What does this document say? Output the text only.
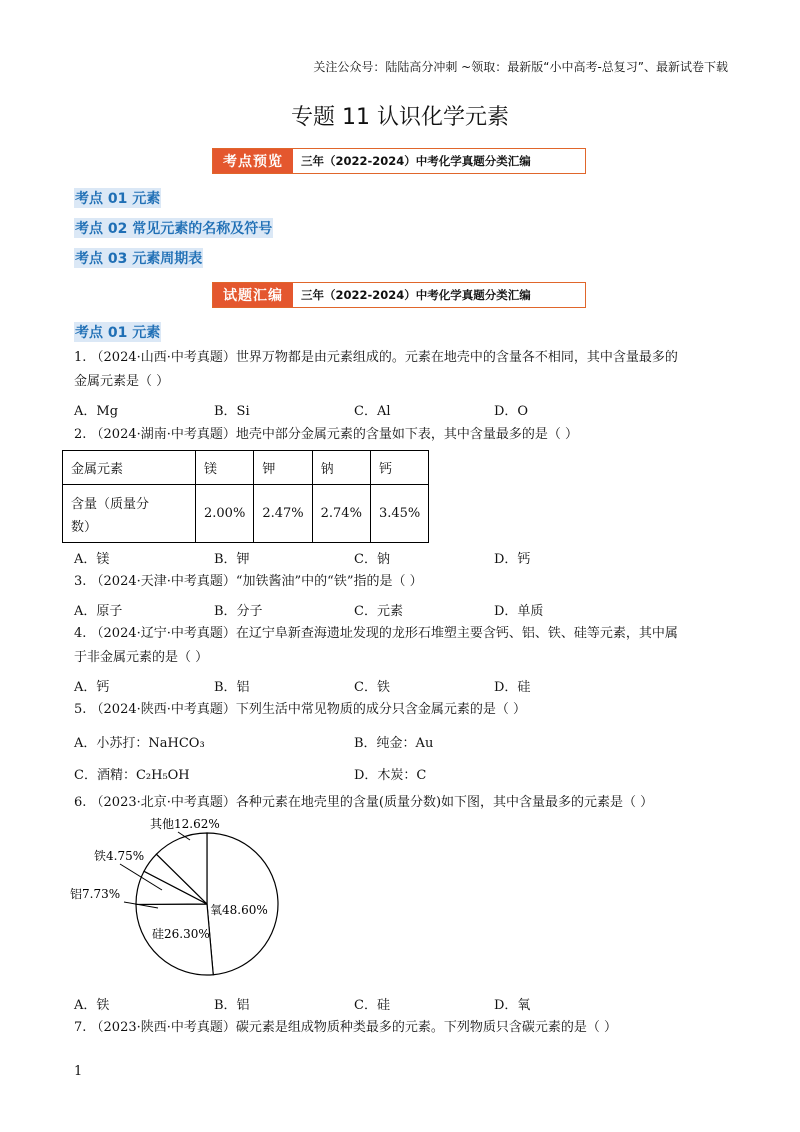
关注公众号：陆陆高分冲刺 ~领取：最新版“小中高考-总复习”、最新试卷下载
专题 11 认识化学元素
考点预览	三年（2022-2024）中考化学真题分类汇编
考点 01 元素
考点 02 常见元素的名称及符号
考点 03 元素周期表
试题汇编	三年（2022-2024）中考化学真题分类汇编
考点 01 元素
1. （2024·山西·中考真题）世界万物都是由元素组成的。元素在地壳中的含量各不相同，其中含量最多的
金属元素是（ ）
A．Mg	B．Si	C．Al	D．O
2. （2024·湖南·中考真题）地壳中部分金属元素的含量如下表，其中含量最多的是（ ）
金属元素	镁	钾	钠	钙

含量（质量分
数）	2.00%	2.47%	2.74%	3.45%
A．镁	B．钾	C．钠	D．钙
3. （2024·天津·中考真题）“加铁酱油”中的“铁”指的是（ ）
A．原子	B．分子	C．元素	D．单质
4. （2024·辽宁·中考真题）在辽宁阜新查海遗址发现的龙形石堆塑主要含钙、铝、铁、硅等元素，其中属
于非金属元素的是（ ）
A．钙	B．铝	C．铁	D．硅
5. （2024·陕西·中考真题）下列生活中常见物质的成分只含金属元素的是（ ）
A．小苏打：NaHCO₃	B．纯金：Au
C．酒精：C₂H₅OH	D．木炭：C
6. （2023·北京·中考真题）各种元素在地壳里的含量(质量分数)如下图，其中含量最多的元素是（ ）
氧48.60%
硅26.30%
铝7.73%
铁4.75%
其他12.62%
A．铁	B．铝	C．硅	D．氧
7. （2023·陕西·中考真题）碳元素是组成物质种类最多的元素。下列物质只含碳元素的是（ ）
1
